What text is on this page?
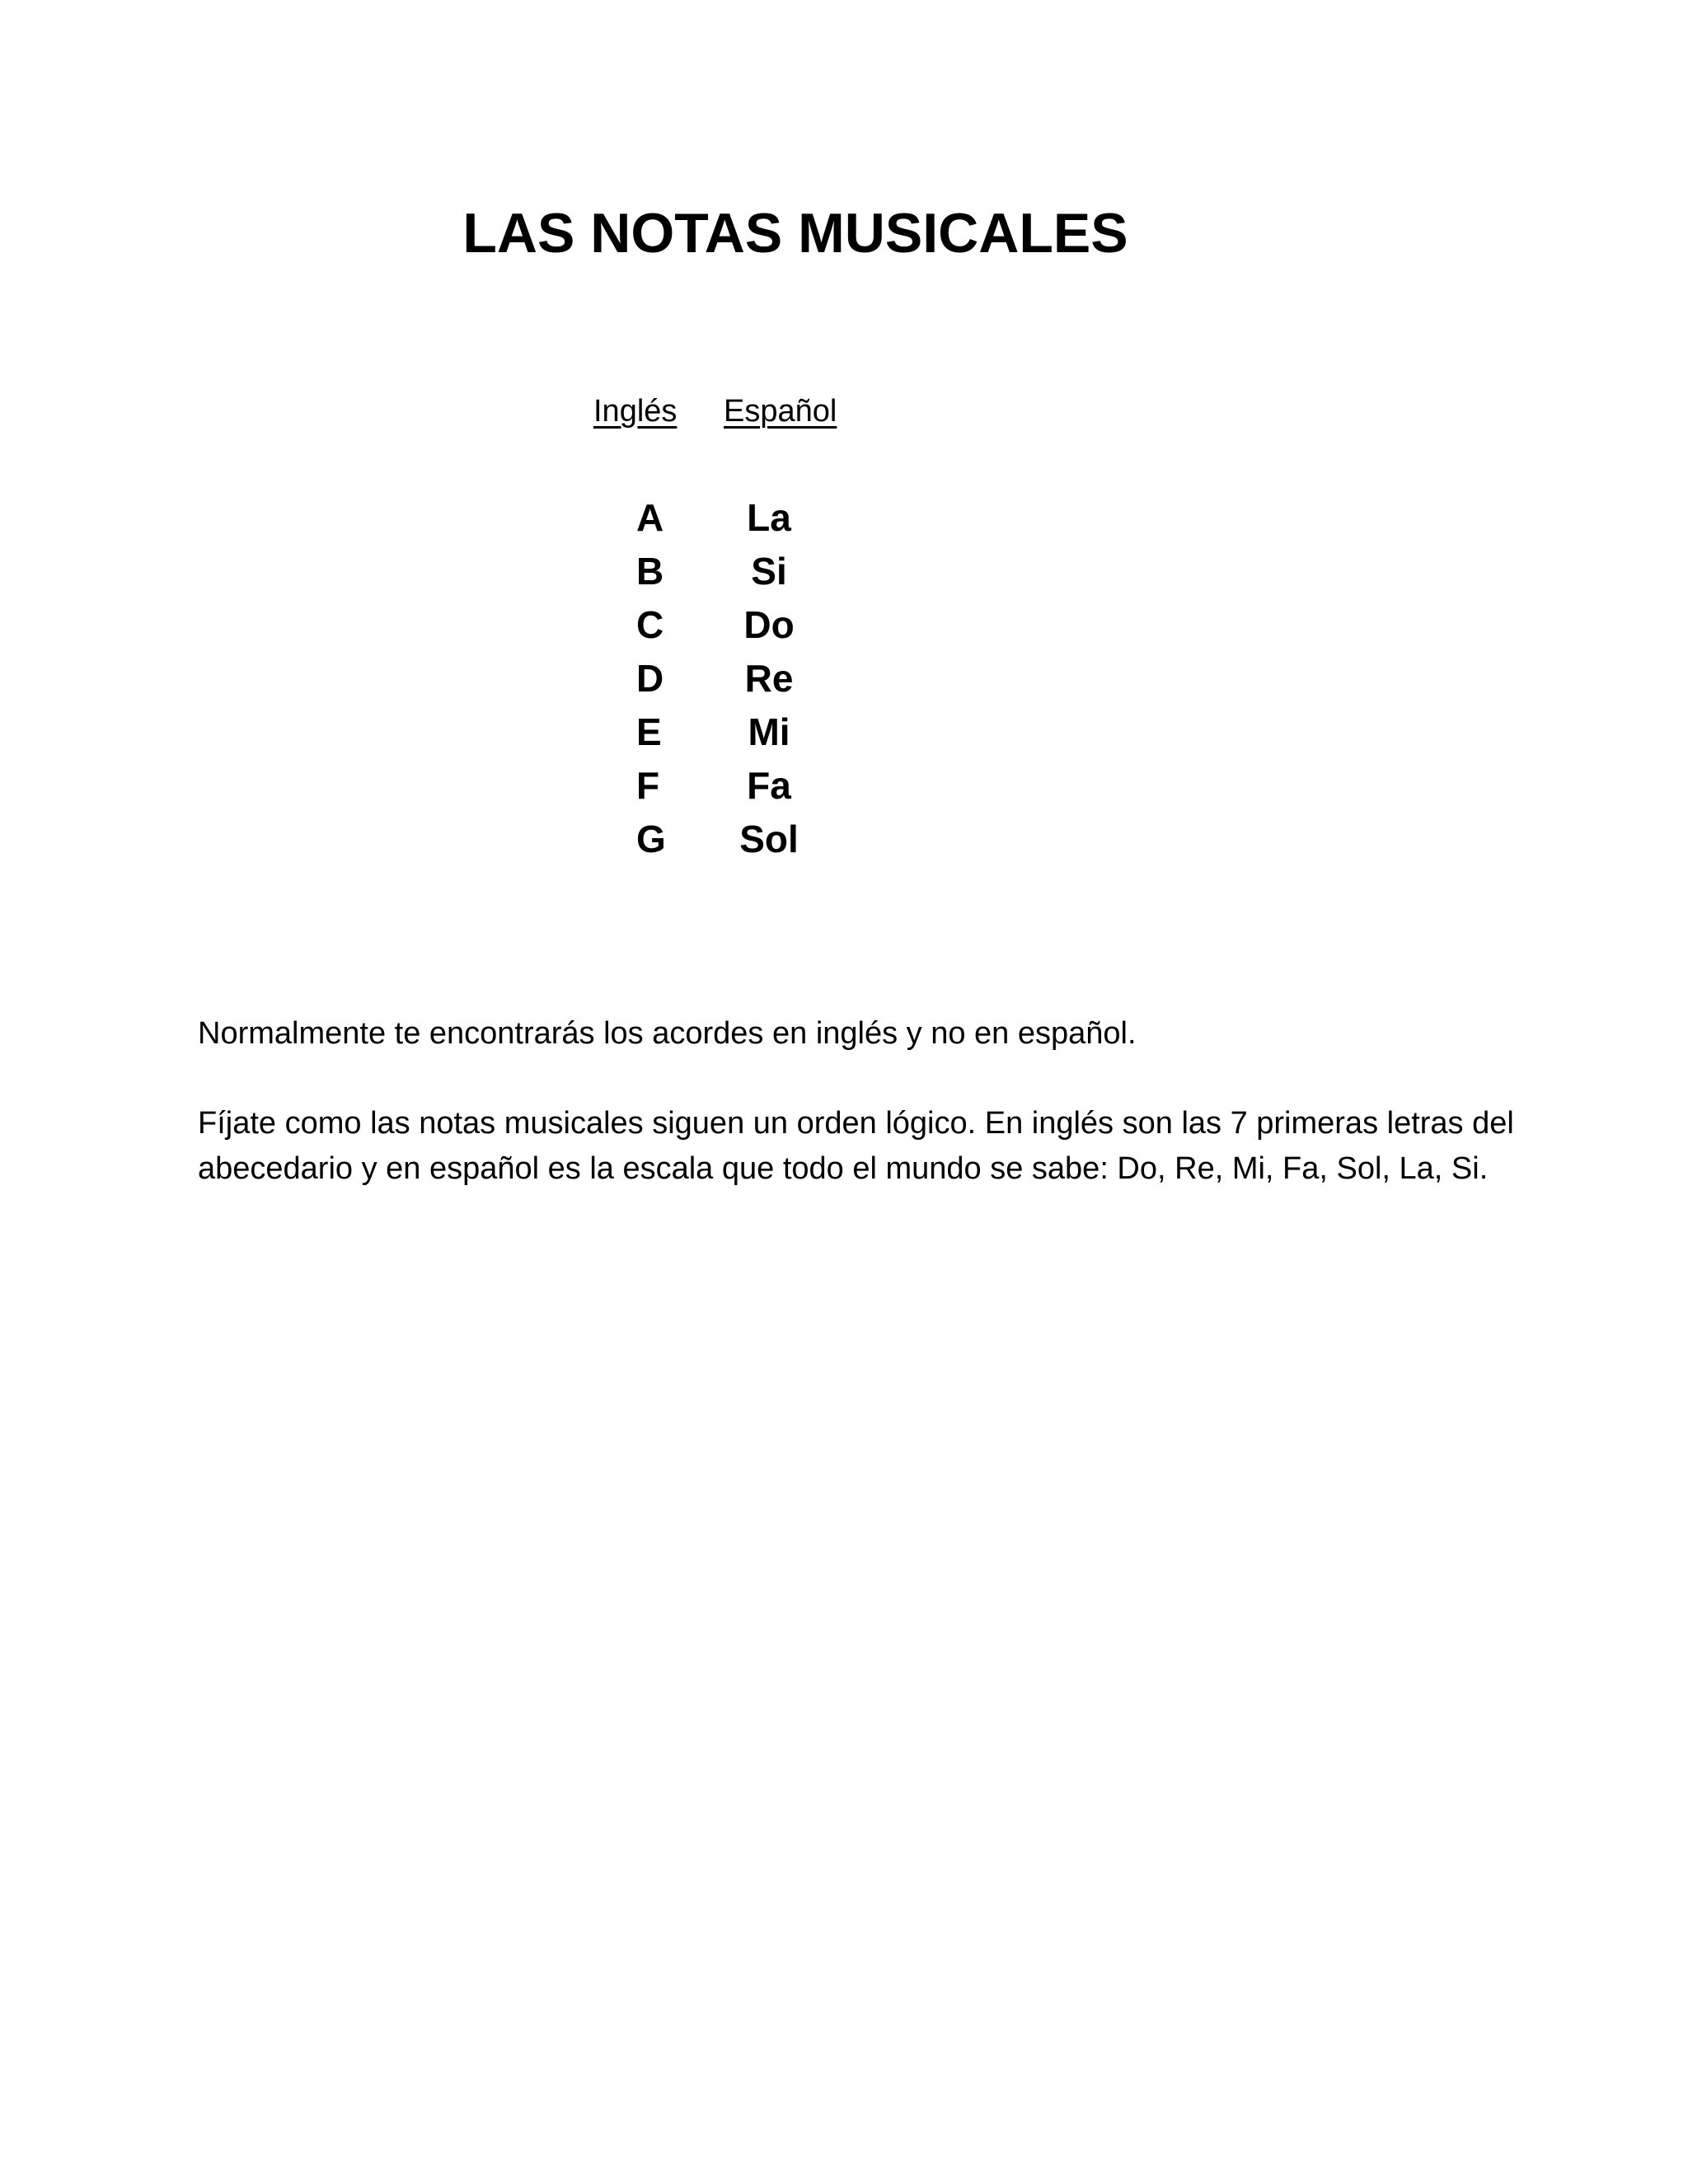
LAS NOTAS MUSICALES
Inglés Español
A La
B Si
C Do
D Re
E Mi
F Fa
G Sol

Normalmente te encontrarás los acordes en inglés y no en español.

Fíjate como las notas musicales siguen un orden lógico. En inglés son las 7 primeras letras del abecedario y en español es la escala que todo el mundo se sabe: Do, Re, Mi, Fa, Sol, La, Si.
